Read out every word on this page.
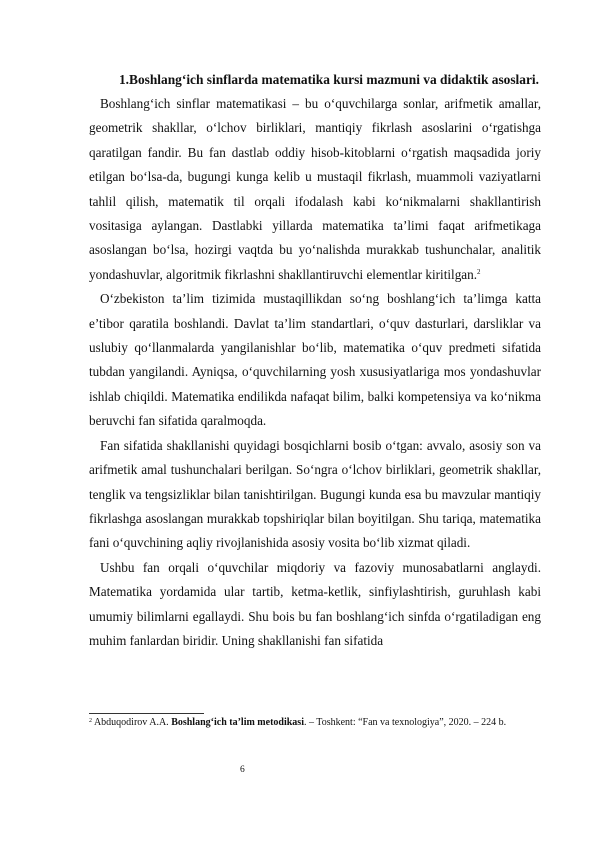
1.Boshlang‘ich sinflarda matematika kursi mazmuni va didaktik asoslari.

Boshlang‘ich sinflar matematikasi – bu o‘quvchilarga sonlar, arifmetik amallar, geometrik shakllar, o‘lchov birliklari, mantiqiy fikrlash asoslarini o‘rgatishga qaratilgan fandir. Bu fan dastlab oddiy hisob-kitoblarni o‘rgatish maqsadida joriy etilgan bo‘lsa-da, bugungi kunga kelib u mustaqil fikrlash, muammoli vaziyatlarni tahlil qilish, matematik til orqali ifodalash kabi ko‘nikmalarni shakllantirish vositasiga aylangan. Dastlabki yillarda matematika ta’limi faqat arifmetikaga asoslangan bo‘lsa, hozirgi vaqtda bu yo‘nalishda murakkab tushunchalar, analitik yondashuvlar, algoritmik fikrlashni shakllantiruvchi elementlar kiritilgan.$^2$

O‘zbekiston ta’lim tizimida mustaqillikdan so‘ng boshlang‘ich ta’limga katta e’tibor qaratila boshlandi. Davlat ta’lim standartlari, o‘quv dasturlari, darsliklar va uslubiy qo‘llanmalarda yangilanishlar bo‘lib, matematika o‘quv predmeti sifatida tubdan yangilandi. Ayniqsa, o‘quvchilarning yosh xususiyatlariga mos yondashuvlar ishlab chiqildi. Matematika endilikda nafaqat bilim, balki kompetensiya va ko‘nikma beruvchi fan sifatida qaralmoqda.

Fan sifatida shakllanishi quyidagi bosqichlarni bosib o‘tgan: avvalo, asosiy son va arifmetik amal tushunchalari berilgan. So‘ngra o‘lchov birliklari, geometrik shakllar, tenglik va tengsizliklar bilan tanishtirilgan. Bugungi kunda esa bu mavzular mantiqiy fikrlashga asoslangan murakkab topshiriqlar bilan boyitilgan. Shu tariqa, matematika fani o‘quvchining aqliy rivojlanishida asosiy vosita bo‘lib xizmat qiladi.

Ushbu fan orqali o‘quvchilar miqdoriy va fazoviy munosabatlarni anglaydi. Matematika yordamida ular tartib, ketma-ketlik, sinfiylashtirish, guruhlash kabi umumiy bilimlarni egallaydi. Shu bois bu fan boshlang‘ich sinfda o‘rgatiladigan eng muhim fanlardan biridir. Uning shakllanishi fan sifatida

$^2$ Abduqodirov A.A. Boshlang‘ich ta’lim metodikasi. – Toshkent: “Fan va texnologiya”, 2020. – 224 b.

6
